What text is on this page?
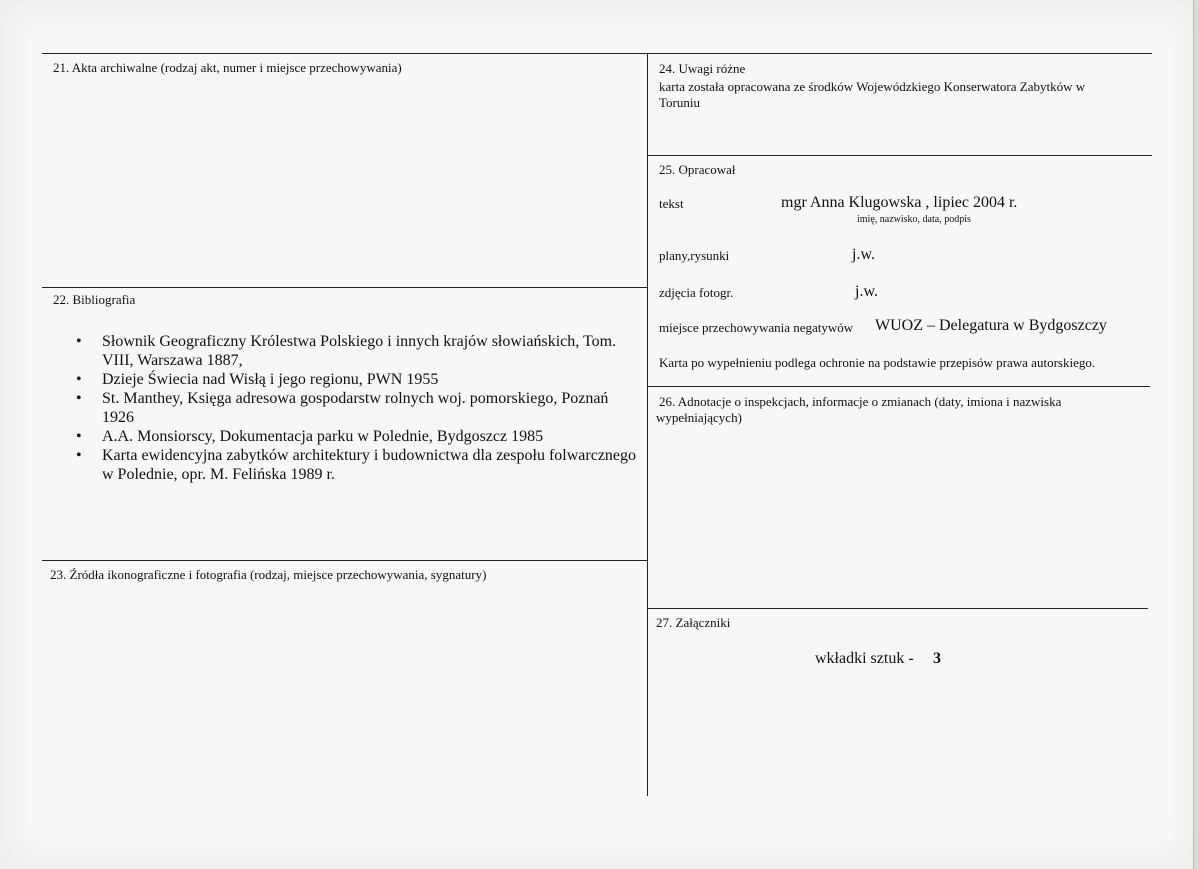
21. Akta archiwalne (rodzaj akt, numer i miejsce przechowywania)
22. Bibliografia
• Słownik Geograficzny Królestwa Polskiego i innych krajów słowiańskich, Tom. VIII, Warszawa 1887,
• Dzieje Świecia nad Wisłą i jego regionu, PWN 1955
• St. Manthey, Księga adresowa gospodarstw rolnych woj. pomorskiego, Poznań 1926
• A.A. Monsiorscy, Dokumentacja parku w Polednie, Bydgoszcz 1985
• Karta ewidencyjna zabytków architektury i budownictwa dla zespołu folwarcznego w Polednie, opr. M. Felińska 1989 r.
23. Źródła ikonograficzne i fotografia (rodzaj, miejsce przechowywania, sygnatury)
24. Uwagi różne
karta została opracowana ze środków Wojewódzkiego Konserwatora Zabytków w
Toruniu
25. Opracował
tekst	mgr Anna Klugowska , lipiec 2004 r.
imię, nazwisko, data, podpis
plany,rysunki	j.w.
zdjęcia fotogr.	j.w.
miejsce przechowywania negatywów WUOZ – Delegatura w Bydgoszczy
Karta po wypełnieniu podlega ochronie na podstawie przepisów prawa autorskiego.
26. Adnotacje o inspekcjach, informacje o zmianach (daty, imiona i nazwiska
wypełniających)
27. Załączniki
wkładki sztuk - 3
